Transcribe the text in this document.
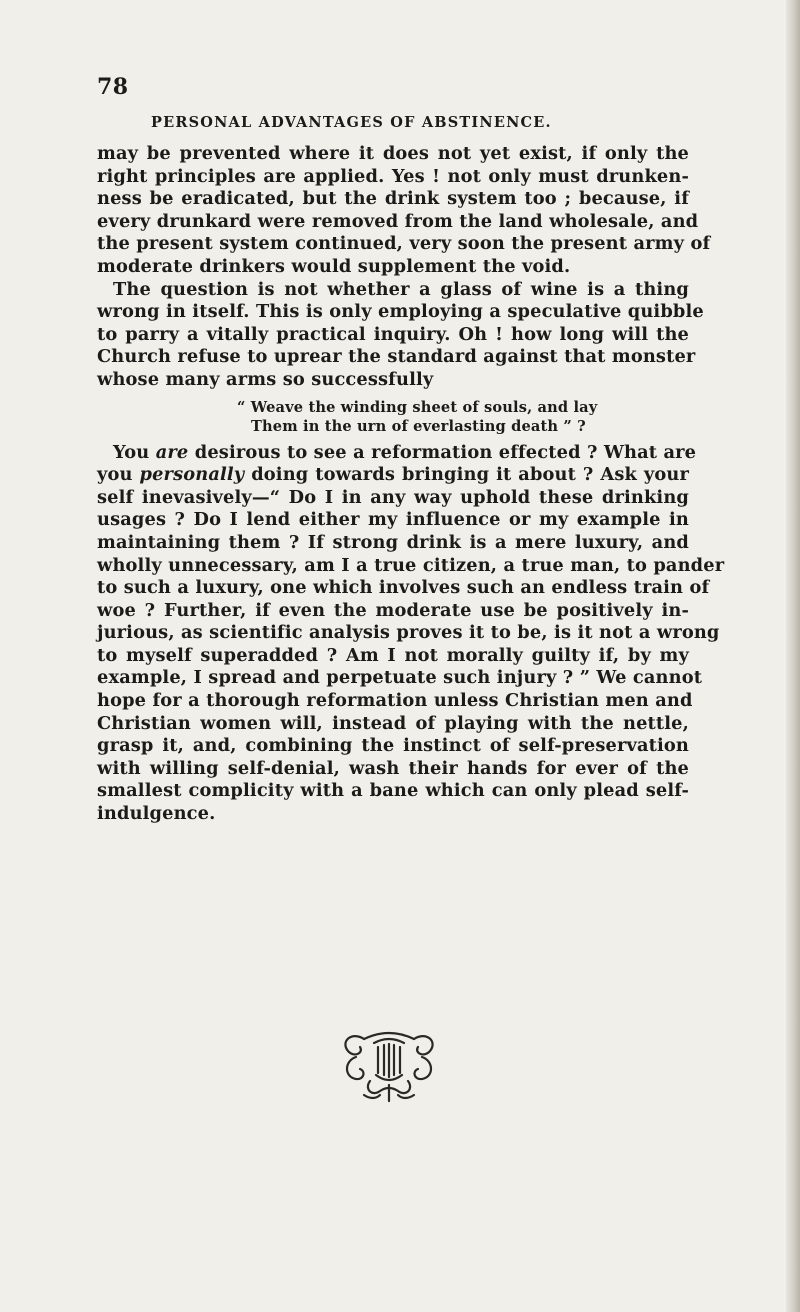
78
PERSONAL ADVANTAGES OF ABSTINENCE.
may be prevented where it does not yet exist, if only the
right principles are applied. Yes ! not only must drunken-
ness be eradicated, but the drink system too ; because, if
every drunkard were removed from the land wholesale, and
the present system continued, very soon the present army of
moderate drinkers would supplement the void.
The question is not whether a glass of wine is a thing
wrong in itself. This is only employing a speculative quibble
to parry a vitally practical inquiry. Oh ! how long will the
Church refuse to uprear the standard against that monster
whose many arms so successfully
“ Weave the winding sheet of souls, and lay
Them in the urn of everlasting death ” ?
You are desirous to see a reformation effected ? What are
you personally doing towards bringing it about ? Ask your
self inevasively—“ Do I in any way uphold these drinking
usages ? Do I lend either my influence or my example in
maintaining them ? If strong drink is a mere luxury, and
wholly unnecessary, am I a true citizen, a true man, to pander
to such a luxury, one which involves such an endless train of
woe ? Further, if even the moderate use be positively in-
jurious, as scientific analysis proves it to be, is it not a wrong
to myself superadded ? Am I not morally guilty if, by my
example, I spread and perpetuate such injury ? ” We cannot
hope for a thorough reformation unless Christian men and
Christian women will, instead of playing with the nettle,
grasp it, and, combining the instinct of self-preservation
with willing self-denial, wash their hands for ever of the
smallest complicity with a bane which can only plead self-
indulgence.
